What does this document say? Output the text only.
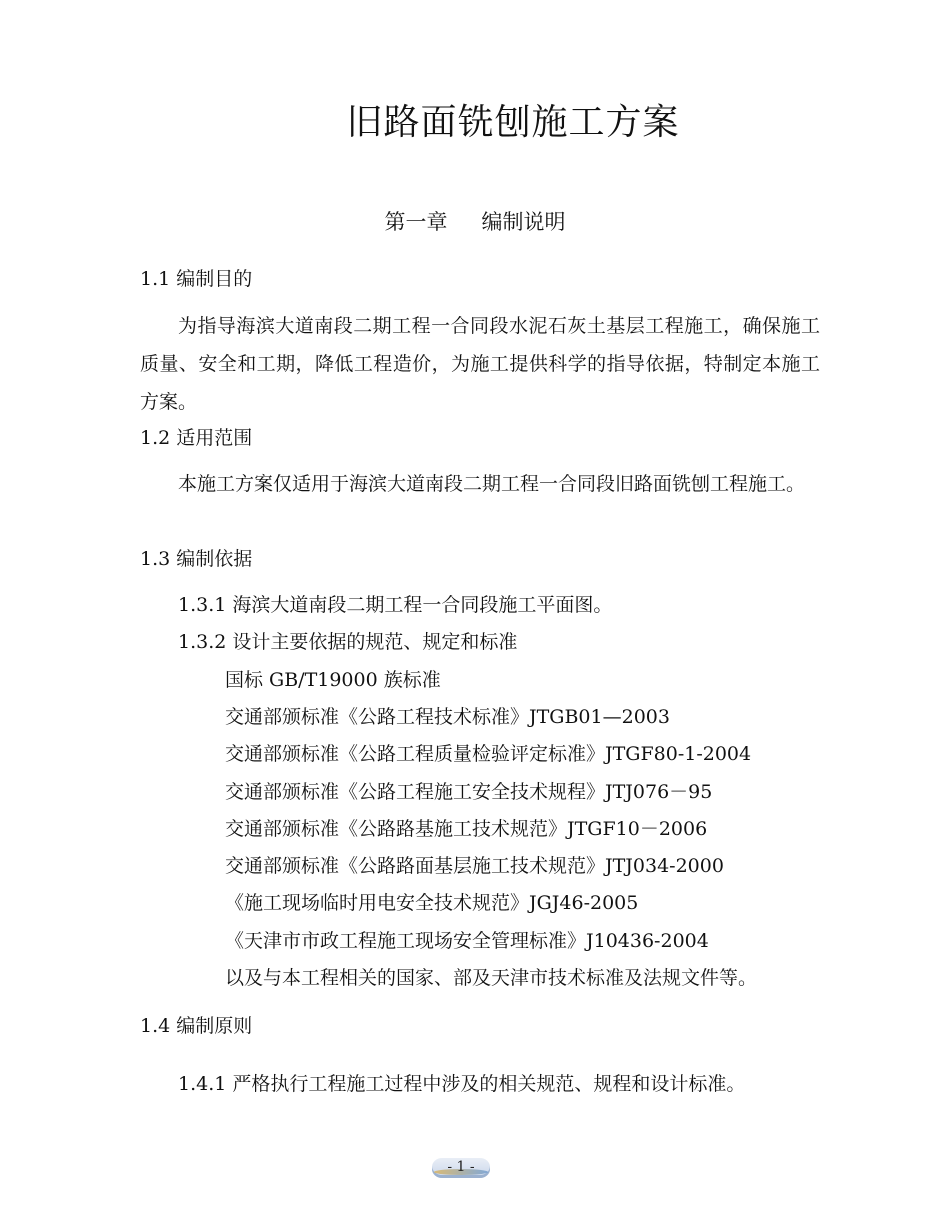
旧路面铣刨施工方案
第一章 编制说明
1.1 编制目的
为指导海滨大道南段二期工程一合同段水泥石灰土基层工程施工，确保施工质量、安全和工期，降低工程造价，为施工提供科学的指导依据，特制定本施工方案。
1.2 适用范围
本施工方案仅适用于海滨大道南段二期工程一合同段旧路面铣刨工程施工。
1.3 编制依据
1.3.1 海滨大道南段二期工程一合同段施工平面图。
1.3.2 设计主要依据的规范、规定和标准
国标 GB/T19000 族标准
交通部颁标准《公路工程技术标准》JTGB01—2003
交通部颁标准《公路工程质量检验评定标准》JTGF80-1-2004
交通部颁标准《公路工程施工安全技术规程》JTJ076－95
交通部颁标准《公路路基施工技术规范》JTGF10－2006
交通部颁标准《公路路面基层施工技术规范》JTJ034-2000
《施工现场临时用电安全技术规范》JGJ46-2005
《天津市市政工程施工现场安全管理标准》J10436-2004
以及与本工程相关的国家、部及天津市技术标准及法规文件等。
1.4 编制原则
1.4.1 严格执行工程施工过程中涉及的相关规范、规程和设计标准。
- 1 -
